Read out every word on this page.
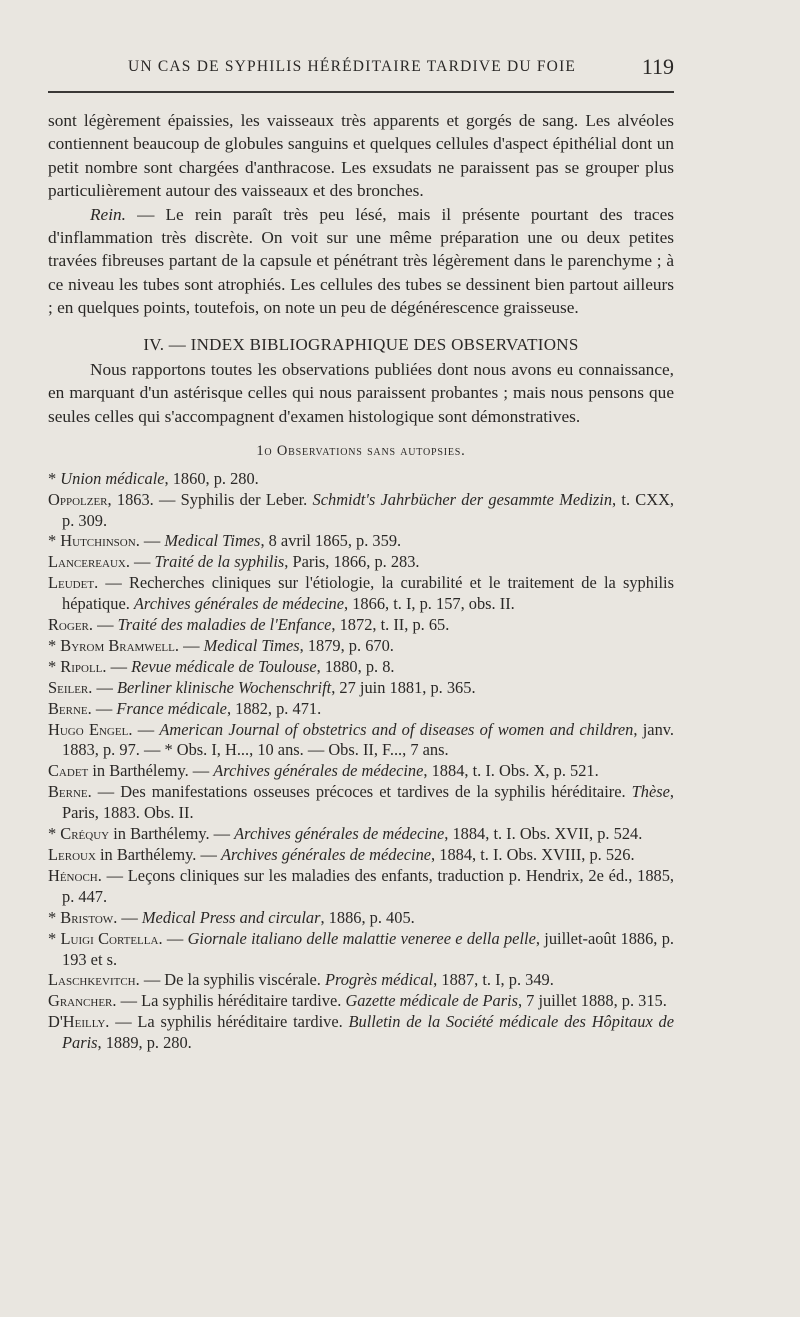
UN CAS DE SYPHILIS HÉRÉDITAIRE TARDIVE DU FOIE	119

sont légèrement épaissies, les vaisseaux très apparents et gorgés de sang. Les alvéoles contiennent beaucoup de globules sanguins et quelques cellules d'aspect épithélial dont un petit nombre sont chargées d'anthracose. Les exsudats ne paraissent pas se grouper plus particulièrement autour des vaisseaux et des bronches.

Rein. — Le rein paraît très peu lésé, mais il présente pourtant des traces d'inflammation très discrète. On voit sur une même préparation une ou deux petites travées fibreuses partant de la capsule et pénétrant très légèrement dans le parenchyme ; à ce niveau les tubes sont atrophiés. Les cellules des tubes se dessinent bien partout ailleurs ; en quelques points, toutefois, on note un peu de dégénérescence graisseuse.

IV. — INDEX BIBLIOGRAPHIQUE DES OBSERVATIONS

Nous rapportons toutes les observations publiées dont nous avons eu connaissance, en marquant d'un astérisque celles qui nous paraissent probantes ; mais nous pensons que seules celles qui s'accompagnent d'examen histologique sont démonstratives.

1o Observations sans autopsies.

* Union médicale, 1860, p. 280.

Oppolzer, 1863. — Syphilis der Leber. Schmidt's Jahrbücher der gesammte Medizin, t. CXX, p. 309.

* Hutchinson. — Medical Times, 8 avril 1865, p. 359.

Lancereaux. — Traité de la syphilis, Paris, 1866, p. 283.

Leudet. — Recherches cliniques sur l'étiologie, la curabilité et le traitement de la syphilis hépatique. Archives générales de médecine, 1866, t. I, p. 157, obs. II.

Roger. — Traité des maladies de l'Enfance, 1872, t. II, p. 65.

* Byrom Bramwell. — Medical Times, 1879, p. 670.

* Ripoll. — Revue médicale de Toulouse, 1880, p. 8.

Seiler. — Berliner klinische Wochenschrift, 27 juin 1881, p. 365.

Berne. — France médicale, 1882, p. 471.

Hugo Engel. — American Journal of obstetrics and of diseases of women and children, janv. 1883, p. 97. — * Obs. I, H..., 10 ans. — Obs. II, F..., 7 ans.

Cadet in Barthélemy. — Archives générales de médecine, 1884, t. I. Obs. X, p. 521.

Berne. — Des manifestations osseuses précoces et tardives de la syphilis héréditaire. Thèse, Paris, 1883. Obs. II.

* Créquy in Barthélemy. — Archives générales de médecine, 1884, t. I. Obs. XVII, p. 524.

Leroux in Barthélemy. — Archives générales de médecine, 1884, t. I. Obs. XVIII, p. 526.

Hénoch. — Leçons cliniques sur les maladies des enfants, traduction p. Hendrix, 2e éd., 1885, p. 447.

* Bristow. — Medical Press and circular, 1886, p. 405.

* Luigi Cortella. — Giornale italiano delle malattie veneree e della pelle, juillet-août 1886, p. 193 et s.

Laschkevitch. — De la syphilis viscérale. Progrès médical, 1887, t. I, p. 349.

Grancher. — La syphilis héréditaire tardive. Gazette médicale de Paris, 7 juillet 1888, p. 315.

D'Heilly. — La syphilis héréditaire tardive. Bulletin de la Société médicale des Hôpitaux de Paris, 1889, p. 280.
